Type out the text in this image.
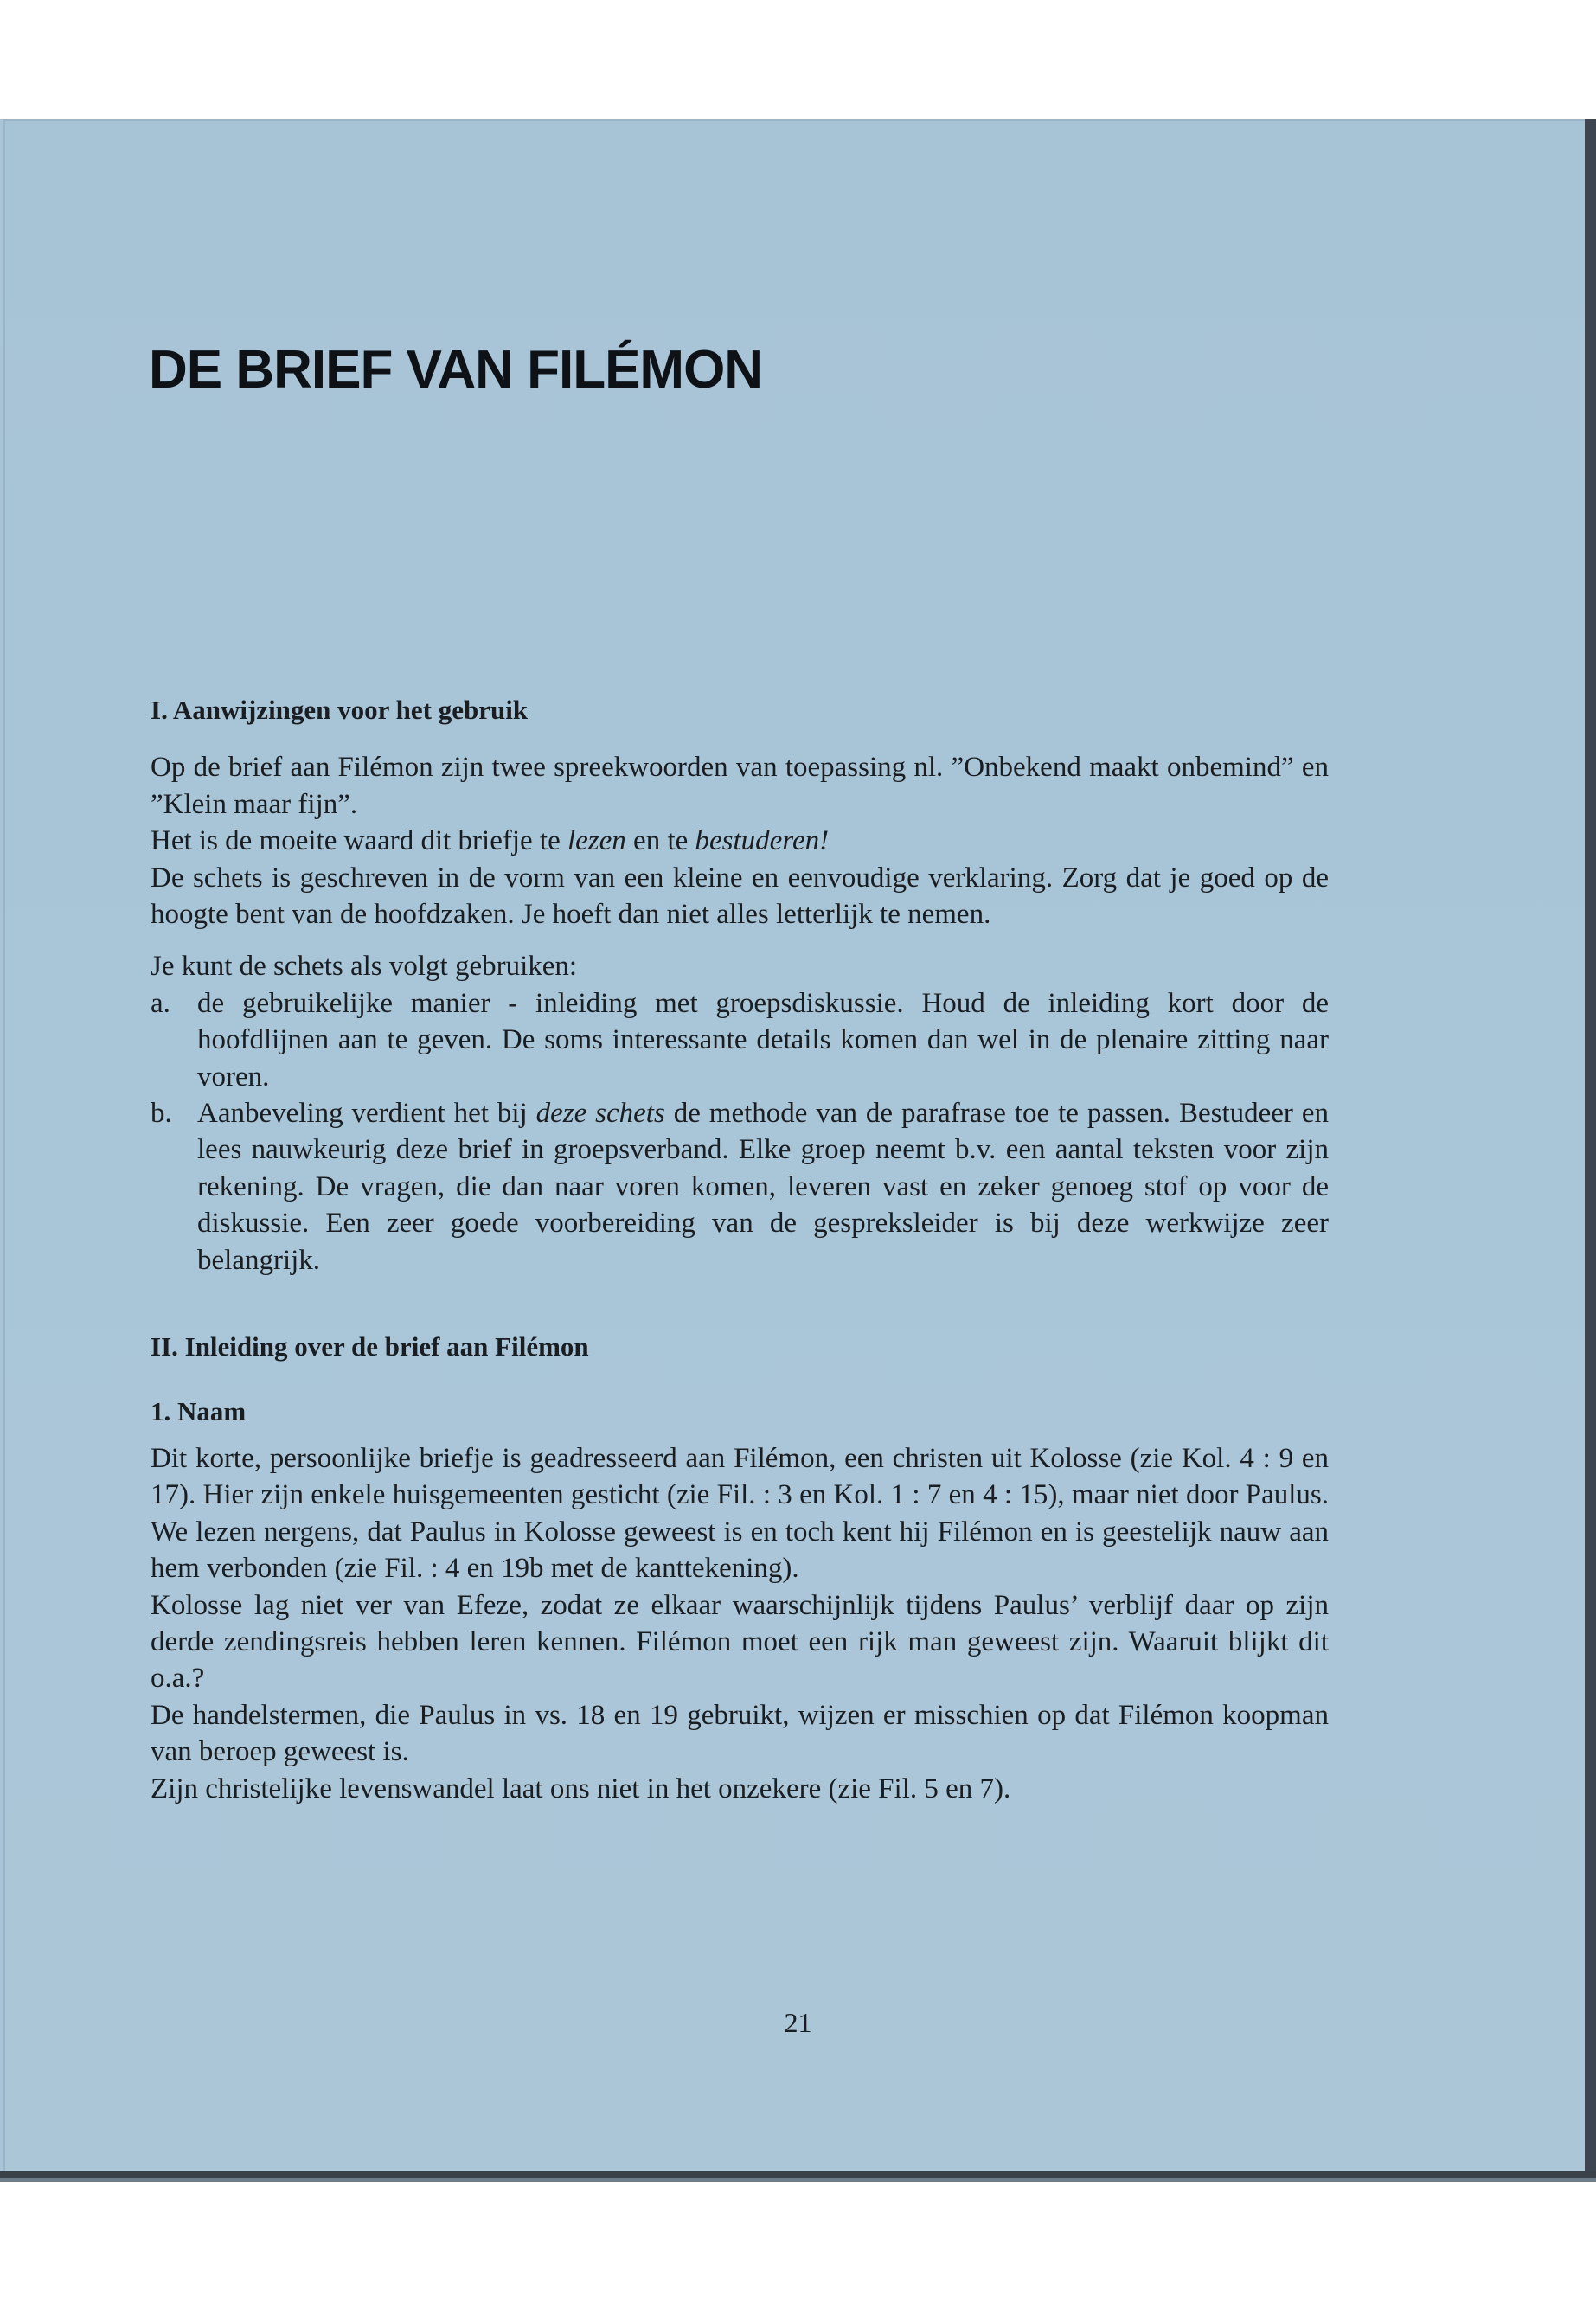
DE BRIEF VAN FILÉMON

I. Aanwijzingen voor het gebruik

Op de brief aan Filémon zijn twee spreekwoorden van toepassing nl. ”Onbekend maakt onbemind” en ”Klein maar fijn”.

Het is de moeite waard dit briefje te lezen en te bestuderen!

De schets is geschreven in de vorm van een kleine en eenvoudige verklaring. Zorg dat je goed op de hoogte bent van de hoofdzaken. Je hoeft dan niet alles letterlijk te nemen.

Je kunt de schets als volgt gebruiken:

a. de gebruikelijke manier - inleiding met groepsdiskussie. Houd de inleiding kort door de hoofdlijnen aan te geven. De soms interessante details komen dan wel in de plenaire zitting naar voren.
b. Aanbeveling verdient het bij deze schets de methode van de parafrase toe te passen. Bestudeer en lees nauwkeurig deze brief in groepsverband. Elke groep neemt b.v. een aantal teksten voor zijn rekening. De vragen, die dan naar voren komen, leveren vast en zeker genoeg stof op voor de diskussie. Een zeer goede voorbereiding van de gespreksleider is bij deze werkwijze zeer belangrijk.

II. Inleiding over de brief aan Filémon

1. Naam

Dit korte, persoonlijke briefje is geadresseerd aan Filémon, een christen uit Kolosse (zie Kol. 4 : 9 en 17). Hier zijn enkele huisgemeenten gesticht (zie Fil. : 3 en Kol. 1 : 7 en 4 : 15), maar niet door Paulus. We lezen nergens, dat Paulus in Kolosse geweest is en toch kent hij Filémon en is geestelijk nauw aan hem verbonden (zie Fil. : 4 en 19b met de kanttekening).

Kolosse lag niet ver van Efeze, zodat ze elkaar waarschijnlijk tijdens Paulus’ verblijf daar op zijn derde zendingsreis hebben leren kennen. Filémon moet een rijk man geweest zijn. Waaruit blijkt dit o.a.?

De handelstermen, die Paulus in vs. 18 en 19 gebruikt, wijzen er misschien op dat Filémon koopman van beroep geweest is.

Zijn christelijke levenswandel laat ons niet in het onzekere (zie Fil. 5 en 7).

21
